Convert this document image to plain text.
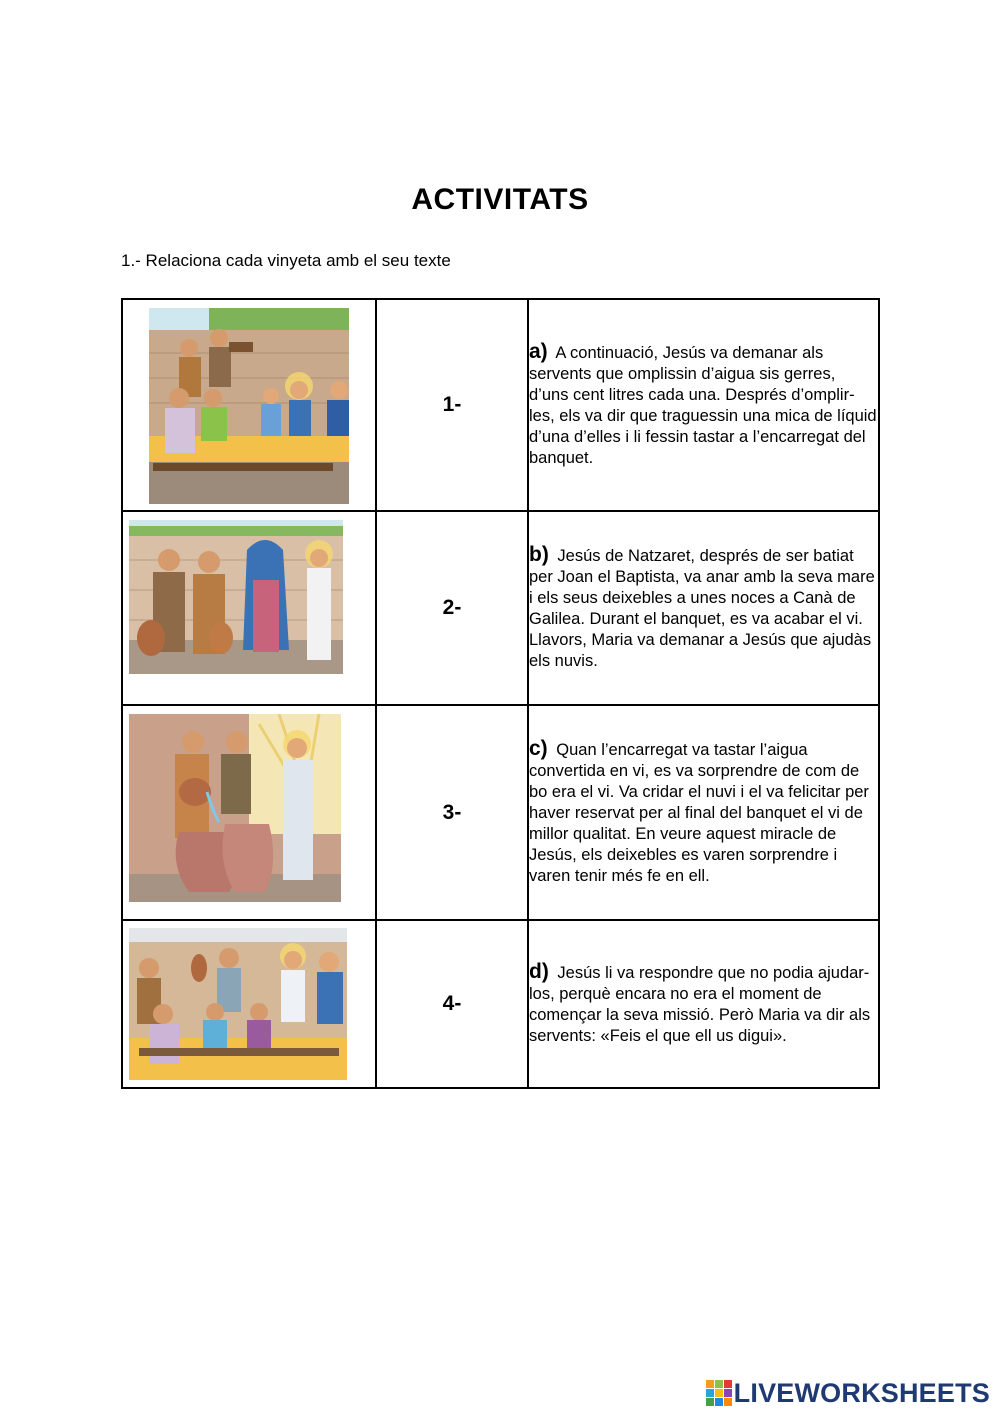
ACTIVITATS
1.- Relaciona cada vinyeta amb el seu texte
	1-	a) A continuació, Jesús va demanar als servents que omplissin d’aigua sis gerres, d’uns cent litres cada una. Després d’omplir-les, els va dir que traguessin una mica de líquid d’una d’elles i li fessin tastar a l’encarregat del banquet.

	2-	b) Jesús de Natzaret, després de ser batiat per Joan el Baptista, va anar amb la seva mare i els seus deixebles a unes noces a Canà de Galilea. Durant el banquet, es va acabar el vi. Llavors, Maria va demanar a Jesús que ajudàs els nuvis.

	3-	c) Quan l’encarregat va tastar l’aigua convertida en vi, es va sorprendre de com de bo era el vi. Va cridar el nuvi i el va felicitar per haver reservat per al final del banquet el vi de millor qualitat. En veure aquest miracle de Jesús, els deixebles es varen sorprendre i varen tenir més fe en ell.

	4-	d) Jesús li va respondre que no podia ajudar-los, perquè encara no era el moment de començar la seva missió. Però Maria va dir als servents: «Feis el que ell us digui».
LIVEWORKSHEETS
